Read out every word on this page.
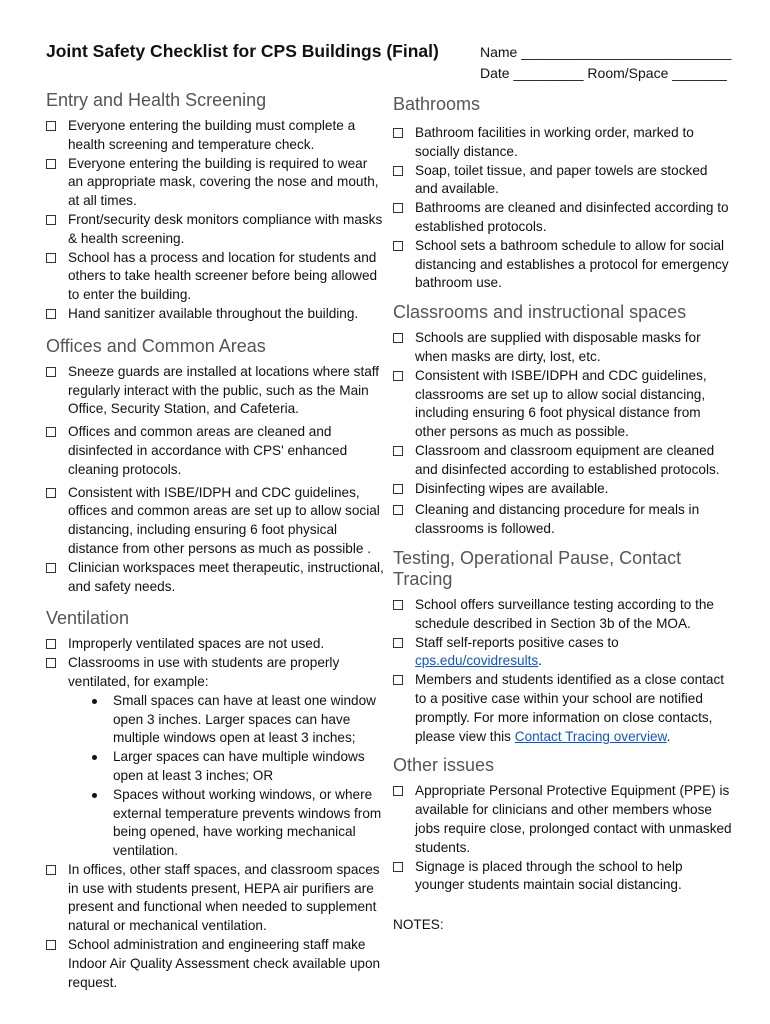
Joint Safety Checklist for CPS Buildings (Final)	Name ___________________________
Date _________ Room/Space _______
Entry and Health Screening
Everyone entering the building must complete a health screening and temperature check.
Everyone entering the building is required to wear an appropriate mask, covering the nose and mouth, at all times.
Front/security desk monitors compliance with masks & health screening.
School has a process and location for students and others to take health screener before being allowed to enter the building.
Hand sanitizer available throughout the building.
Offices and Common Areas
Sneeze guards are installed at locations where staff regularly interact with the public, such as the Main Office, Security Station, and Cafeteria.
Offices and common areas are cleaned and disinfected in accordance with CPS' enhanced cleaning protocols.
Consistent with ISBE/IDPH and CDC guidelines, offices and common areas are set up to allow social distancing, including ensuring 6 foot physical distance from other persons as much as possible .
Clinician workspaces meet therapeutic, instructional, and safety needs.
Ventilation
Improperly ventilated spaces are not used.
Classrooms in use with students are properly ventilated, for example:
Small spaces can have at least one window open 3 inches. Larger spaces can have multiple windows open at least 3 inches;
Larger spaces can have multiple windows open at least 3 inches; OR
Spaces without working windows, or where external temperature prevents windows from being opened, have working mechanical ventilation.
In offices, other staff spaces, and classroom spaces in use with students present, HEPA air purifiers are present and functional when needed to supplement natural or mechanical ventilation.
School administration and engineering staff make Indoor Air Quality Assessment check available upon request.
Bathrooms
Bathroom facilities in working order, marked to socially distance.
Soap, toilet tissue, and paper towels are stocked and available.
Bathrooms are cleaned and disinfected according to established protocols.
School sets a bathroom schedule to allow for social distancing and establishes a protocol for emergency bathroom use.
Classrooms and instructional spaces
Schools are supplied with disposable masks for when masks are dirty, lost, etc.
Consistent with ISBE/IDPH and CDC guidelines, classrooms are set up to allow social distancing, including ensuring 6 foot physical distance from other persons as much as possible.
Classroom and classroom equipment are cleaned and disinfected according to established protocols.
Disinfecting wipes are available.
Cleaning and distancing procedure for meals in classrooms is followed.
Testing, Operational Pause, Contact Tracing
School offers surveillance testing according to the schedule described in Section 3b of the MOA.
Staff self-reports positive cases to cps.edu/covidresults.
Members and students identified as a close contact to a positive case within your school are notified promptly. For more information on close contacts, please view this Contact Tracing overview.
Other issues
Appropriate Personal Protective Equipment (PPE) is available for clinicians and other members whose jobs require close, prolonged contact with unmasked students.
Signage is placed through the school to help younger students maintain social distancing.
NOTES:
